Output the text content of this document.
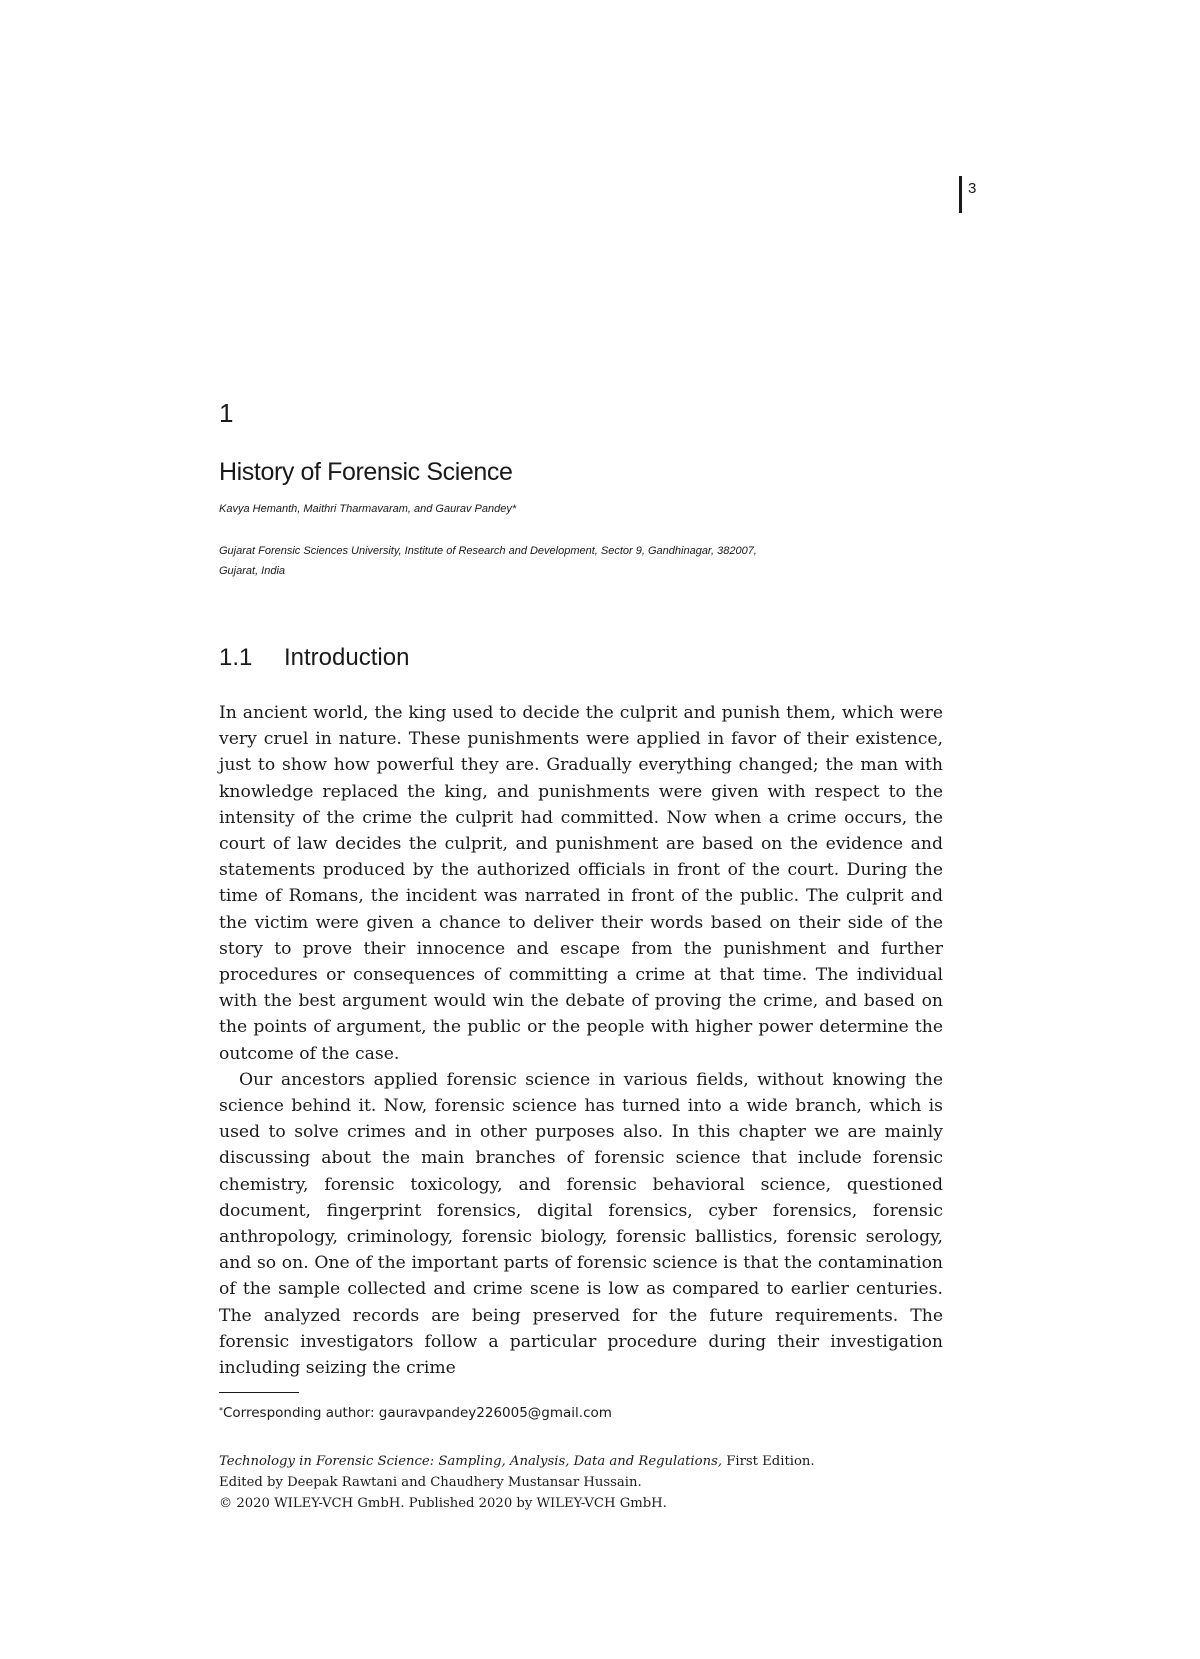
3
1
History of Forensic Science
Kavya Hemanth, Maithri Tharmavaram, and Gaurav Pandey*
Gujarat Forensic Sciences University, Institute of Research and Development, Sector 9, Gandhinagar, 382007,
Gujarat, India
1.1 Introduction

In ancient world, the king used to decide the culprit and punish them, which were very cruel in nature. These punishments were applied in favor of their existence, just to show how powerful they are. Gradually everything changed; the man with knowledge replaced the king, and punishments were given with respect to the intensity of the crime the culprit had committed. Now when a crime occurs, the court of law decides the culprit, and punishment are based on the evidence and statements produced by the authorized officials in front of the court. During the time of Romans, the incident was narrated in front of the public. The culprit and the victim were given a chance to deliver their words based on their side of the story to prove their innocence and escape from the punishment and further procedures or consequences of committing a crime at that time. The individual with the best argument would win the debate of proving the crime, and based on the points of argument, the public or the people with higher power determine the outcome of the case.

Our ancestors applied forensic science in various fields, without knowing the science behind it. Now, forensic science has turned into a wide branch, which is used to solve crimes and in other purposes also. In this chapter we are mainly discussing about the main branches of forensic science that include forensic chemistry, forensic toxicology, and forensic behavioral science, questioned document, fingerprint forensics, digital forensics, cyber forensics, forensic anthropology, criminology, forensic biology, forensic ballistics, forensic serology, and so on. One of the important parts of forensic science is that the contamination of the sample collected and crime scene is low as compared to earlier centuries. The analyzed records are being preserved for the future requirements. The forensic investigators follow a particular procedure during their investigation including seizing the crime

*Corresponding author: gauravpandey226005@gmail.com
Technology in Forensic Science: Sampling, Analysis, Data and Regulations, First Edition.
Edited by Deepak Rawtani and Chaudhery Mustansar Hussain.
© 2020 WILEY-VCH GmbH. Published 2020 by WILEY-VCH GmbH.
